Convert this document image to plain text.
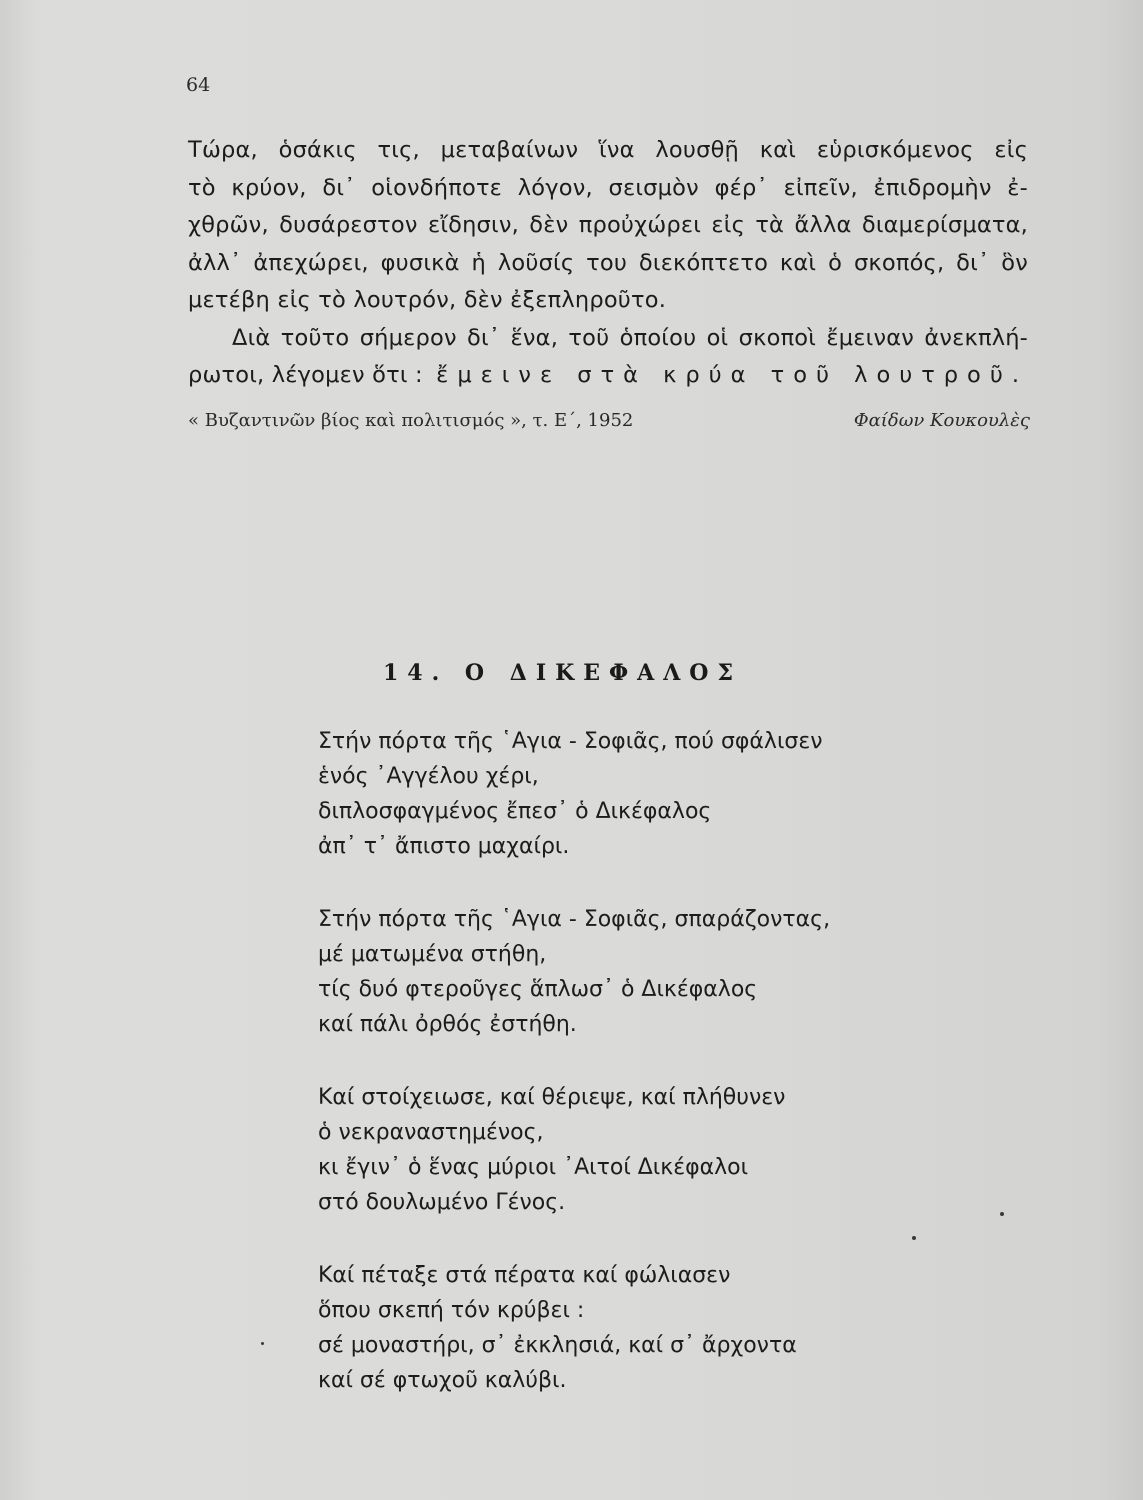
64

Τώρα, ὁσάκις τις, μεταβαίνων ἵνα λουσθῇ καὶ εὑρισκόμενος εἰς
τὸ κρύον, δι᾽ οἱονδήποτε λόγον, σεισμὸν φέρ᾽ εἰπεῖν, ἐπιδρομὴν ἐ-
χθρῶν, δυσάρεστον εἴδησιν, δὲν προὐχώρει εἰς τὰ ἄλλα διαμερίσματα,
ἀλλ᾽ ἀπεχώρει, φυσικὰ ἡ λοῦσίς του διεκόπτετο καὶ ὁ σκοπός, δι᾽ ὃν
μετέβη εἰς τὸ λουτρόν, δὲν ἐξεπληροῦτο.

Διὰ τοῦτο σήμερον δι᾽ ἕνα, τοῦ ὁποίου οἱ σκοποὶ ἔμειναν ἀνεκπλή-
ρωτοι, λέγομεν ὅτι : ἔμεινε στὰ κρύα τοῦ λουτροῦ.

« Βυζαντινῶν βίος καὶ πολιτισμός », τ. Ε΄, 1952	Φαίδων Κουκουλὲς
14. Ο ΔΙΚΕΦΑΛΟΣ
Στήν πόρτα τῆς ῾Αγια - Σοφιᾶς, πού σφάλισεν
ἑνός ᾿Αγγέλου χέρι,
διπλοσφαγμένος ἔπεσ᾽ ὁ Δικέφαλος
ἀπ᾽ τ᾽ ἄπιστο μαχαίρι.
Στήν πόρτα τῆς ῾Αγια - Σοφιᾶς, σπαράζοντας,
μέ ματωμένα στήθη,
τίς δυό φτεροῦγες ἅπλωσ᾽ ὁ Δικέφαλος
καί πάλι ὀρθός ἐστήθη.
Καί στοίχειωσε, καί θέριεψε, καί πλήθυνεν
ὁ νεκραναστημένος,
κι ἔγιν᾽ ὁ ἕνας μύριοι ᾿Αιτοί Δικέφαλοι
στό δουλωμένο Γένος.
Καί πέταξε στά πέρατα καί φώλιασεν
ὅπου σκεπή τόν κρύβει :
σέ μοναστήρι, σ᾽ ἐκκλησιά, καί σ᾽ ἄρχοντα
καί σέ φτωχοῦ καλύβι.
